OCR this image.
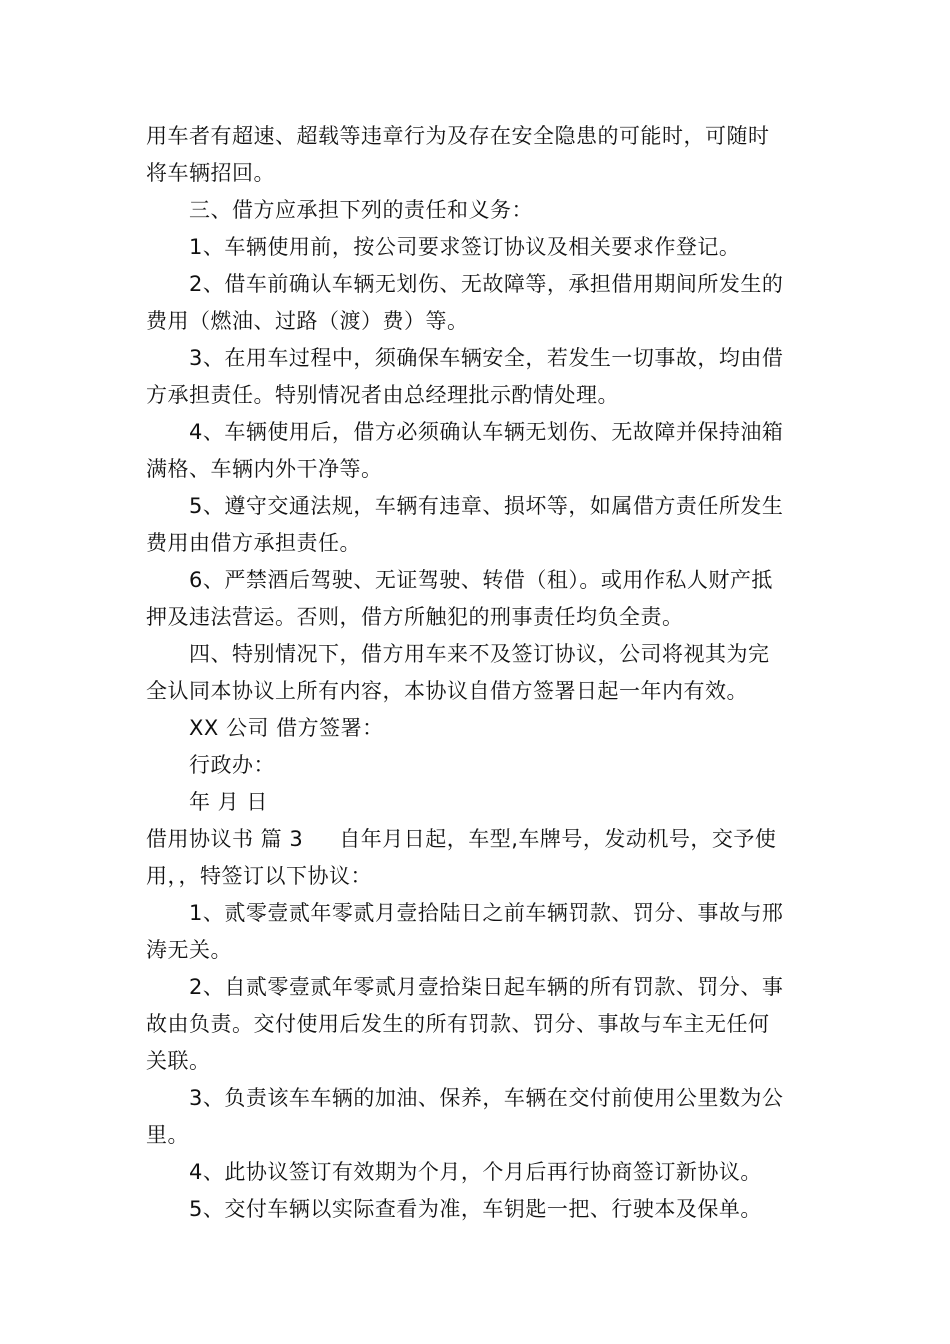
用车者有超速、超载等违章行为及存在安全隐患的可能时，可随时
将车辆招回。
三、借方应承担下列的责任和义务：
1、车辆使用前，按公司要求签订协议及相关要求作登记。
2、借车前确认车辆无划伤、无故障等，承担借用期间所发生的
费用（燃油、过路（渡）费）等。
3、在用车过程中，须确保车辆安全，若发生一切事故，均由借
方承担责任。特别情况者由总经理批示酌情处理。
4、车辆使用后，借方必须确认车辆无划伤、无故障并保持油箱
满格、车辆内外干净等。
5、遵守交通法规，车辆有违章、损坏等，如属借方责任所发生
费用由借方承担责任。
6、严禁酒后驾驶、无证驾驶、转借（租）。或用作私人财产抵
押及违法营运。否则，借方所触犯的刑事责任均负全责。
四、特别情况下，借方用车来不及签订协议，公司将视其为完
全认同本协议上所有内容，本协议自借方签署日起一年内有效。
XX 公司 借方签署：
行政办：
年 月 日
借用协议书 篇 3 自年月日起，车型,车牌号，发动机号，交予使
用，，特签订以下协议：
1、贰零壹贰年零贰月壹拾陆日之前车辆罚款、罚分、事故与邢
涛无关。
2、自贰零壹贰年零贰月壹拾柒日起车辆的所有罚款、罚分、事
故由负责。交付使用后发生的所有罚款、罚分、事故与车主无任何
关联。
3、负责该车车辆的加油、保养，车辆在交付前使用公里数为公
里。
4、此协议签订有效期为个月，个月后再行协商签订新协议。
5、交付车辆以实际查看为准，车钥匙一把、行驶本及保单。
